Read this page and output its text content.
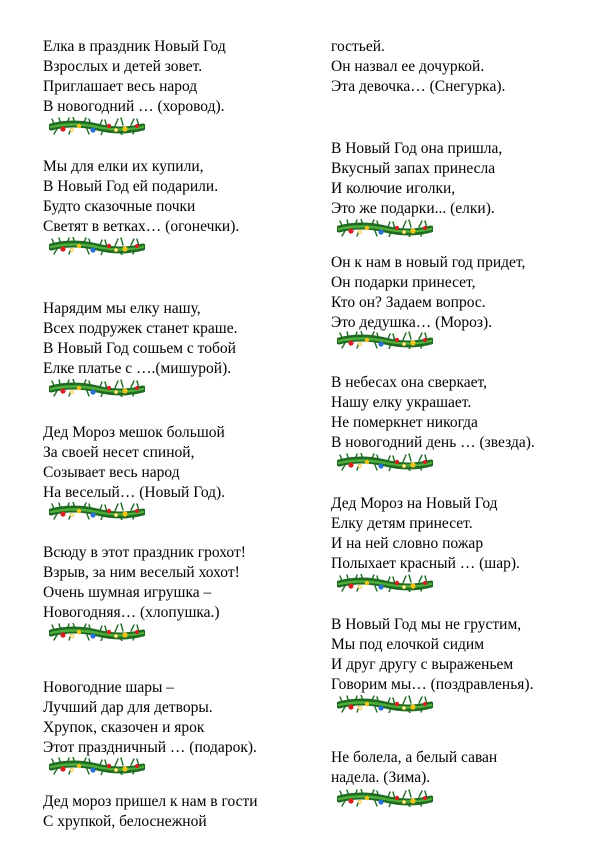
Елка в праздник Новый Год
Взрослых и детей зовет.
Приглашает весь народ
В новогодний … (хоровод).
Мы для елки их купили,
В Новый Год ей подарили.
Будто сказочные почки
Светят в ветках… (огонечки).
Нарядим мы елку нашу,
Всех подружек станет краше.
В Новый Год сошьем с тобой
Елке платье с ….(мишурой).
Дед Мороз мешок большой
За своей несет спиной,
Созывает весь народ
На веселый… (Новый Год).
Всюду в этот праздник грохот!
Взрыв, за ним веселый хохот!
Очень шумная игрушка –
Новогодняя… (хлопушка.)
Новогодние шары –
Лучший дар для детворы.
Хрупок, сказочен и ярок
Этот праздничный … (подарок).
Дед мороз пришел к нам в гости
С хрупкой, белоснежной
гостьей.
Он назвал ее дочуркой.
Эта девочка… (Снегурка).
В Новый Год она пришла,
Вкусный запах принесла
И колючие иголки,
Это же подарки... (елки).
Он к нам в новый год придет,
Он подарки принесет,
Кто он? Задаем вопрос.
Это дедушка… (Мороз).
В небесах она сверкает,
Нашу елку украшает.
Не померкнет никогда
В новогодний день … (звезда).
Дед Мороз на Новый Год
Елку детям принесет.
И на ней словно пожар
Полыхает красный … (шар).
В Новый Год мы не грустим,
Мы под елочкой сидим
И друг другу с выраженьем
Говорим мы… (поздравленья).
Не болела, а белый саван
надела. (Зима).
